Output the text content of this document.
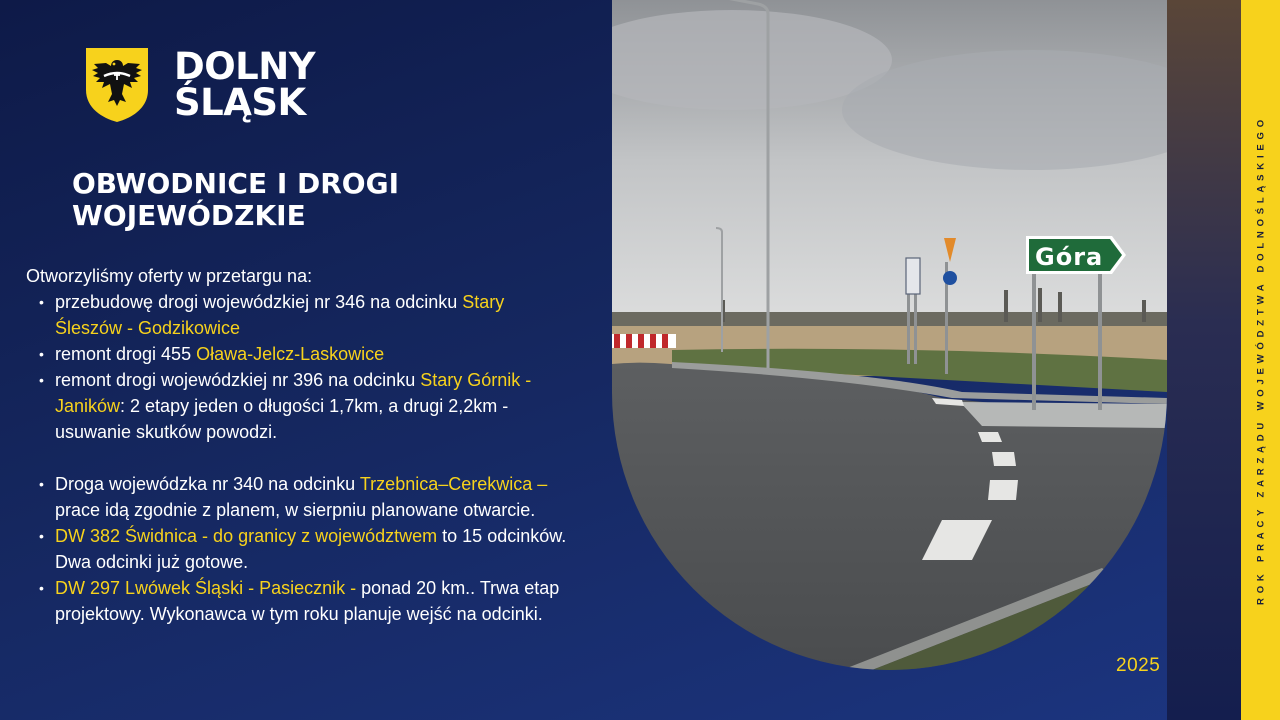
DOLNY
ŚLĄSK
OBWODNICE I DROGI
WOJEWÓDZKIE
Otworzyliśmy oferty w przetargu na:
• przebudowę drogi wojewódzkiej nr 346 na odcinku Stary Śleszów - Godzikowice
• remont drogi 455 Oława-Jelcz-Laskowice
• remont drogi wojewódzkiej nr 396 na odcinku Stary Górnik - Janików: 2 etapy jeden o długości 1,7km, a drugi 2,2km - usuwanie skutków powodzi.
• Droga wojewódzka nr 340 na odcinku Trzebnica–Cerekwica – prace idą zgodnie z planem, w sierpniu planowane otwarcie.
• DW 382 Świdnica - do granicy z województwem to 15 odcinków. Dwa odcinki już gotowe.
• DW 297 Lwówek Śląski - Pasiecznik - ponad 20 km.. Trwa etap projektowy. Wykonawca w tym roku planuje wejść na odcinki.
Góra
2025
ROK PRACY ZARZĄDU WOJEWÓDZTWA DOLNOŚLĄSKIEGO
